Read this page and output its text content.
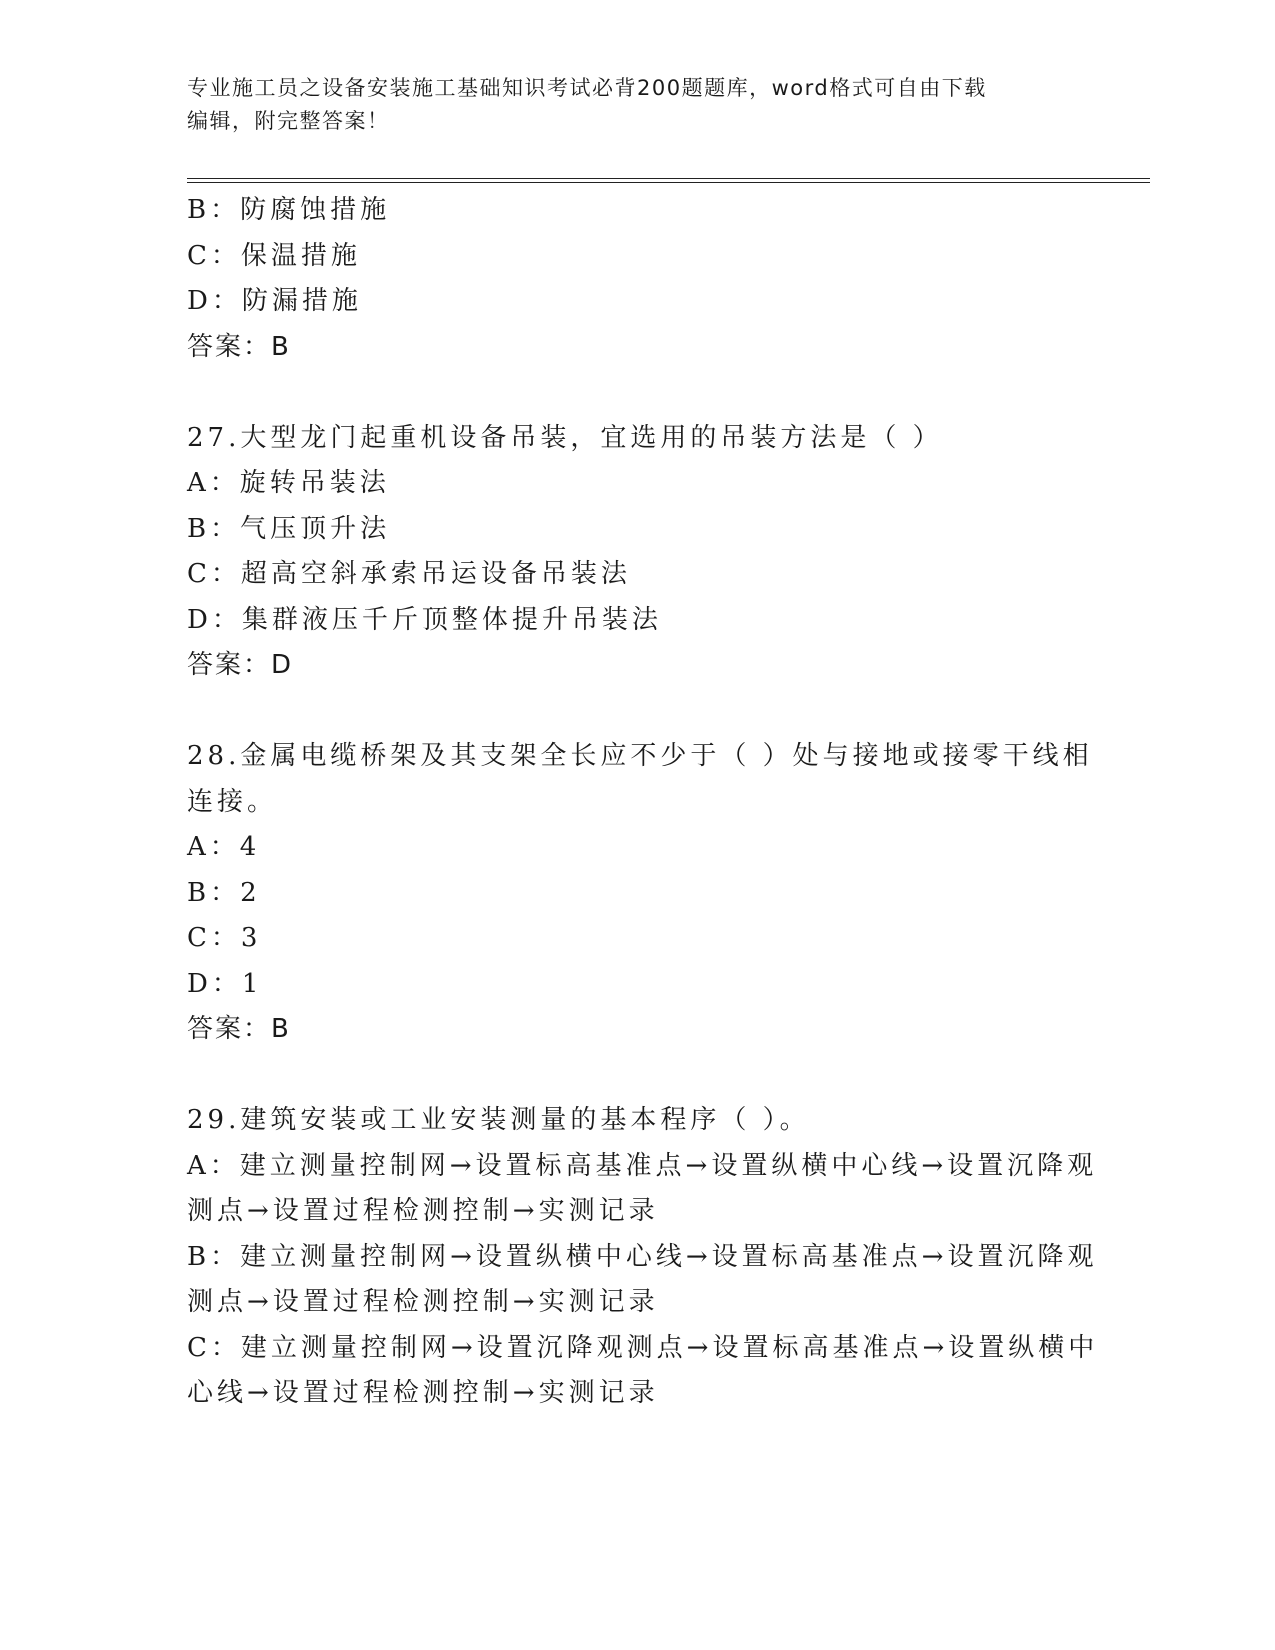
专业施工员之设备安装施工基础知识考试必背200题题库，word格式可自由下载
编辑，附完整答案！
B：防腐蚀措施
C：保温措施
D：防漏措施
答案：B
27.大型龙门起重机设备吊装，宜选用的吊装方法是（ ）
A：旋转吊装法
B：气压顶升法
C：超高空斜承索吊运设备吊装法
D：集群液压千斤顶整体提升吊装法
答案：D
28.金属电缆桥架及其支架全长应不少于（ ）处与接地或接零干线相
连接。
A：4
B：2
C：3
D：1
答案：B
29.建筑安装或工业安装测量的基本程序（ ）。
A：建立测量控制网→设置标高基准点→设置纵横中心线→设置沉降观
测点→设置过程检测控制→实测记录
B：建立测量控制网→设置纵横中心线→设置标高基准点→设置沉降观
测点→设置过程检测控制→实测记录
C：建立测量控制网→设置沉降观测点→设置标高基准点→设置纵横中
心线→设置过程检测控制→实测记录
